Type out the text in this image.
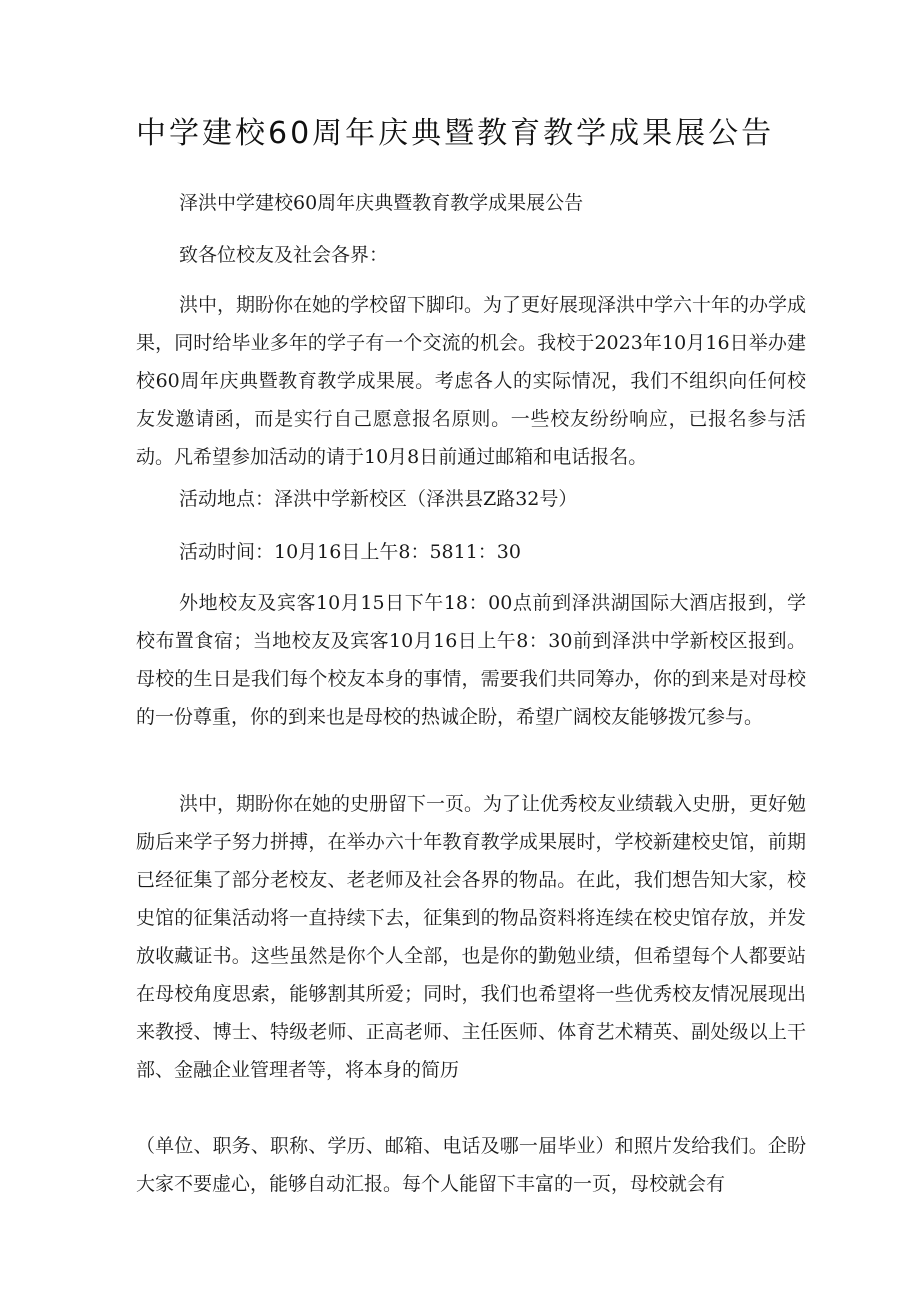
中学建校60周年庆典暨教育教学成果展公告

泽洪中学建校60周年庆典暨教育教学成果展公告

致各位校友及社会各界：

洪中，期盼你在她的学校留下脚印。为了更好展现泽洪中学六十年的办学成果，同时给毕业多年的学子有一个交流的机会。我校于2023年10月16日举办建校60周年庆典暨教育教学成果展。考虑各人的实际情况，我们不组织向任何校友发邀请函，而是实行自己愿意报名原则。一些校友纷纷响应，已报名参与活动。凡希望参加活动的请于10月8日前通过邮箱和电话报名。

活动地点：泽洪中学新校区（泽洪县Z路32号）

活动时间：10月16日上午8：5811：30

外地校友及宾客10月15日下午18：00点前到泽洪湖国际大酒店报到，学校布置食宿；当地校友及宾客10月16日上午8：30前到泽洪中学新校区报到。母校的生日是我们每个校友本身的事情，需要我们共同筹办，你的到来是对母校的一份尊重，你的到来也是母校的热诚企盼，希望广阔校友能够拨冗参与。

洪中，期盼你在她的史册留下一页。为了让优秀校友业绩载入史册，更好勉励后来学子努力拼搏，在举办六十年教育教学成果展时，学校新建校史馆，前期已经征集了部分老校友、老老师及社会各界的物品。在此，我们想告知大家，校史馆的征集活动将一直持续下去，征集到的物品资料将连续在校史馆存放，并发放收藏证书。这些虽然是你个人全部，也是你的勤勉业绩，但希望每个人都要站在母校角度思索，能够割其所爱；同时，我们也希望将一些优秀校友情况展现出来教授、博士、特级老师、正高老师、主任医师、体育艺术精英、副处级以上干部、金融企业管理者等，将本身的简历

（单位、职务、职称、学历、邮箱、电话及哪一届毕业）和照片发给我们。企盼大家不要虚心，能够自动汇报。每个人能留下丰富的一页，母校就会有
